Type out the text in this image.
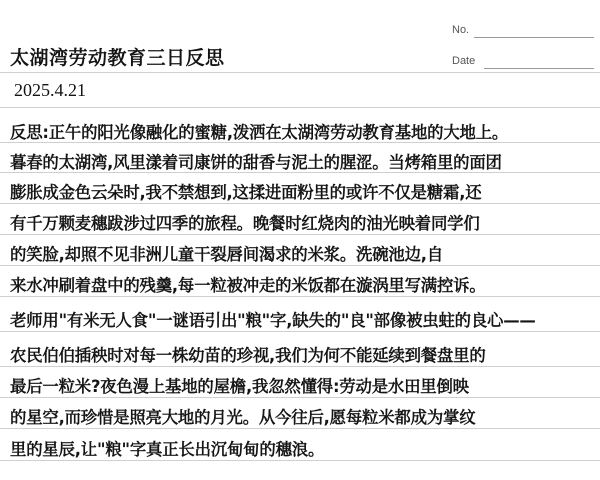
No.
Date
太湖湾劳动教育三日反思
2025.4.21
反思:正午的阳光像融化的蜜糖,泼洒在太湖湾劳动教育基地的大地上。
暮春的太湖湾,风里漾着司康饼的甜香与泥土的腥涩。当烤箱里的面团
膨胀成金色云朵时,我不禁想到,这揉进面粉里的或许不仅是糖霜,还
有千万颗麦穗跋涉过四季的旅程。晚餐时红烧肉的油光映着同学们
的笑脸,却照不见非洲儿童干裂唇间渴求的米浆。洗碗池边,自
来水冲刷着盘中的残羹,每一粒被冲走的米饭都在漩涡里写满控诉。
老师用"有米无人食"一谜语引出"粮"字,缺失的"良"部像被虫蛀的良心——
农民伯伯插秧时对每一株幼苗的珍视,我们为何不能延续到餐盘里的
最后一粒米?夜色漫上基地的屋檐,我忽然懂得:劳动是水田里倒映
的星空,而珍惜是照亮大地的月光。从今往后,愿每粒米都成为掌纹
里的星辰,让"粮"字真正长出沉甸甸的穗浪。
